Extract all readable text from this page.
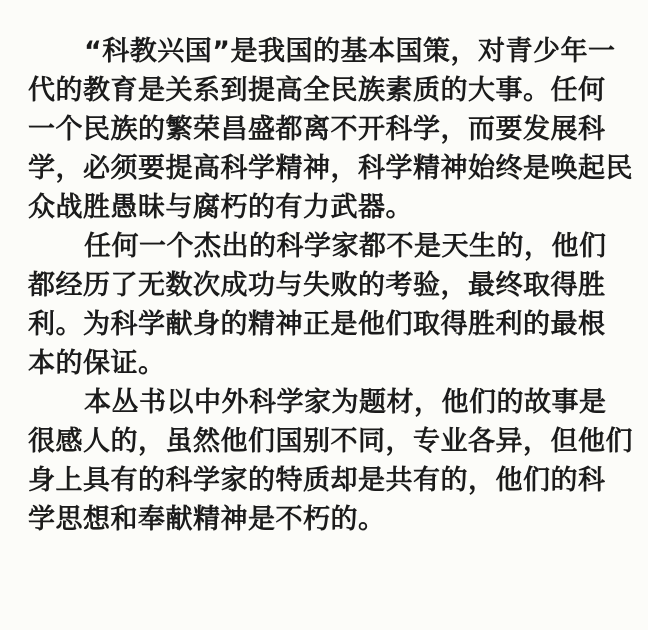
“科教兴国”是我国的基本国策，对青少年一
代的教育是关系到提高全民族素质的大事。任何
一个民族的繁荣昌盛都离不开科学，而要发展科
学，必须要提高科学精神，科学精神始终是唤起民
众战胜愚昧与腐朽的有力武器。
任何一个杰出的科学家都不是天生的，他们
都经历了无数次成功与失败的考验，最终取得胜
利。为科学献身的精神正是他们取得胜利的最根
本的保证。
本丛书以中外科学家为题材，他们的故事是
很感人的，虽然他们国别不同，专业各异，但他们
身上具有的科学家的特质却是共有的，他们的科
学思想和奉献精神是不朽的。
